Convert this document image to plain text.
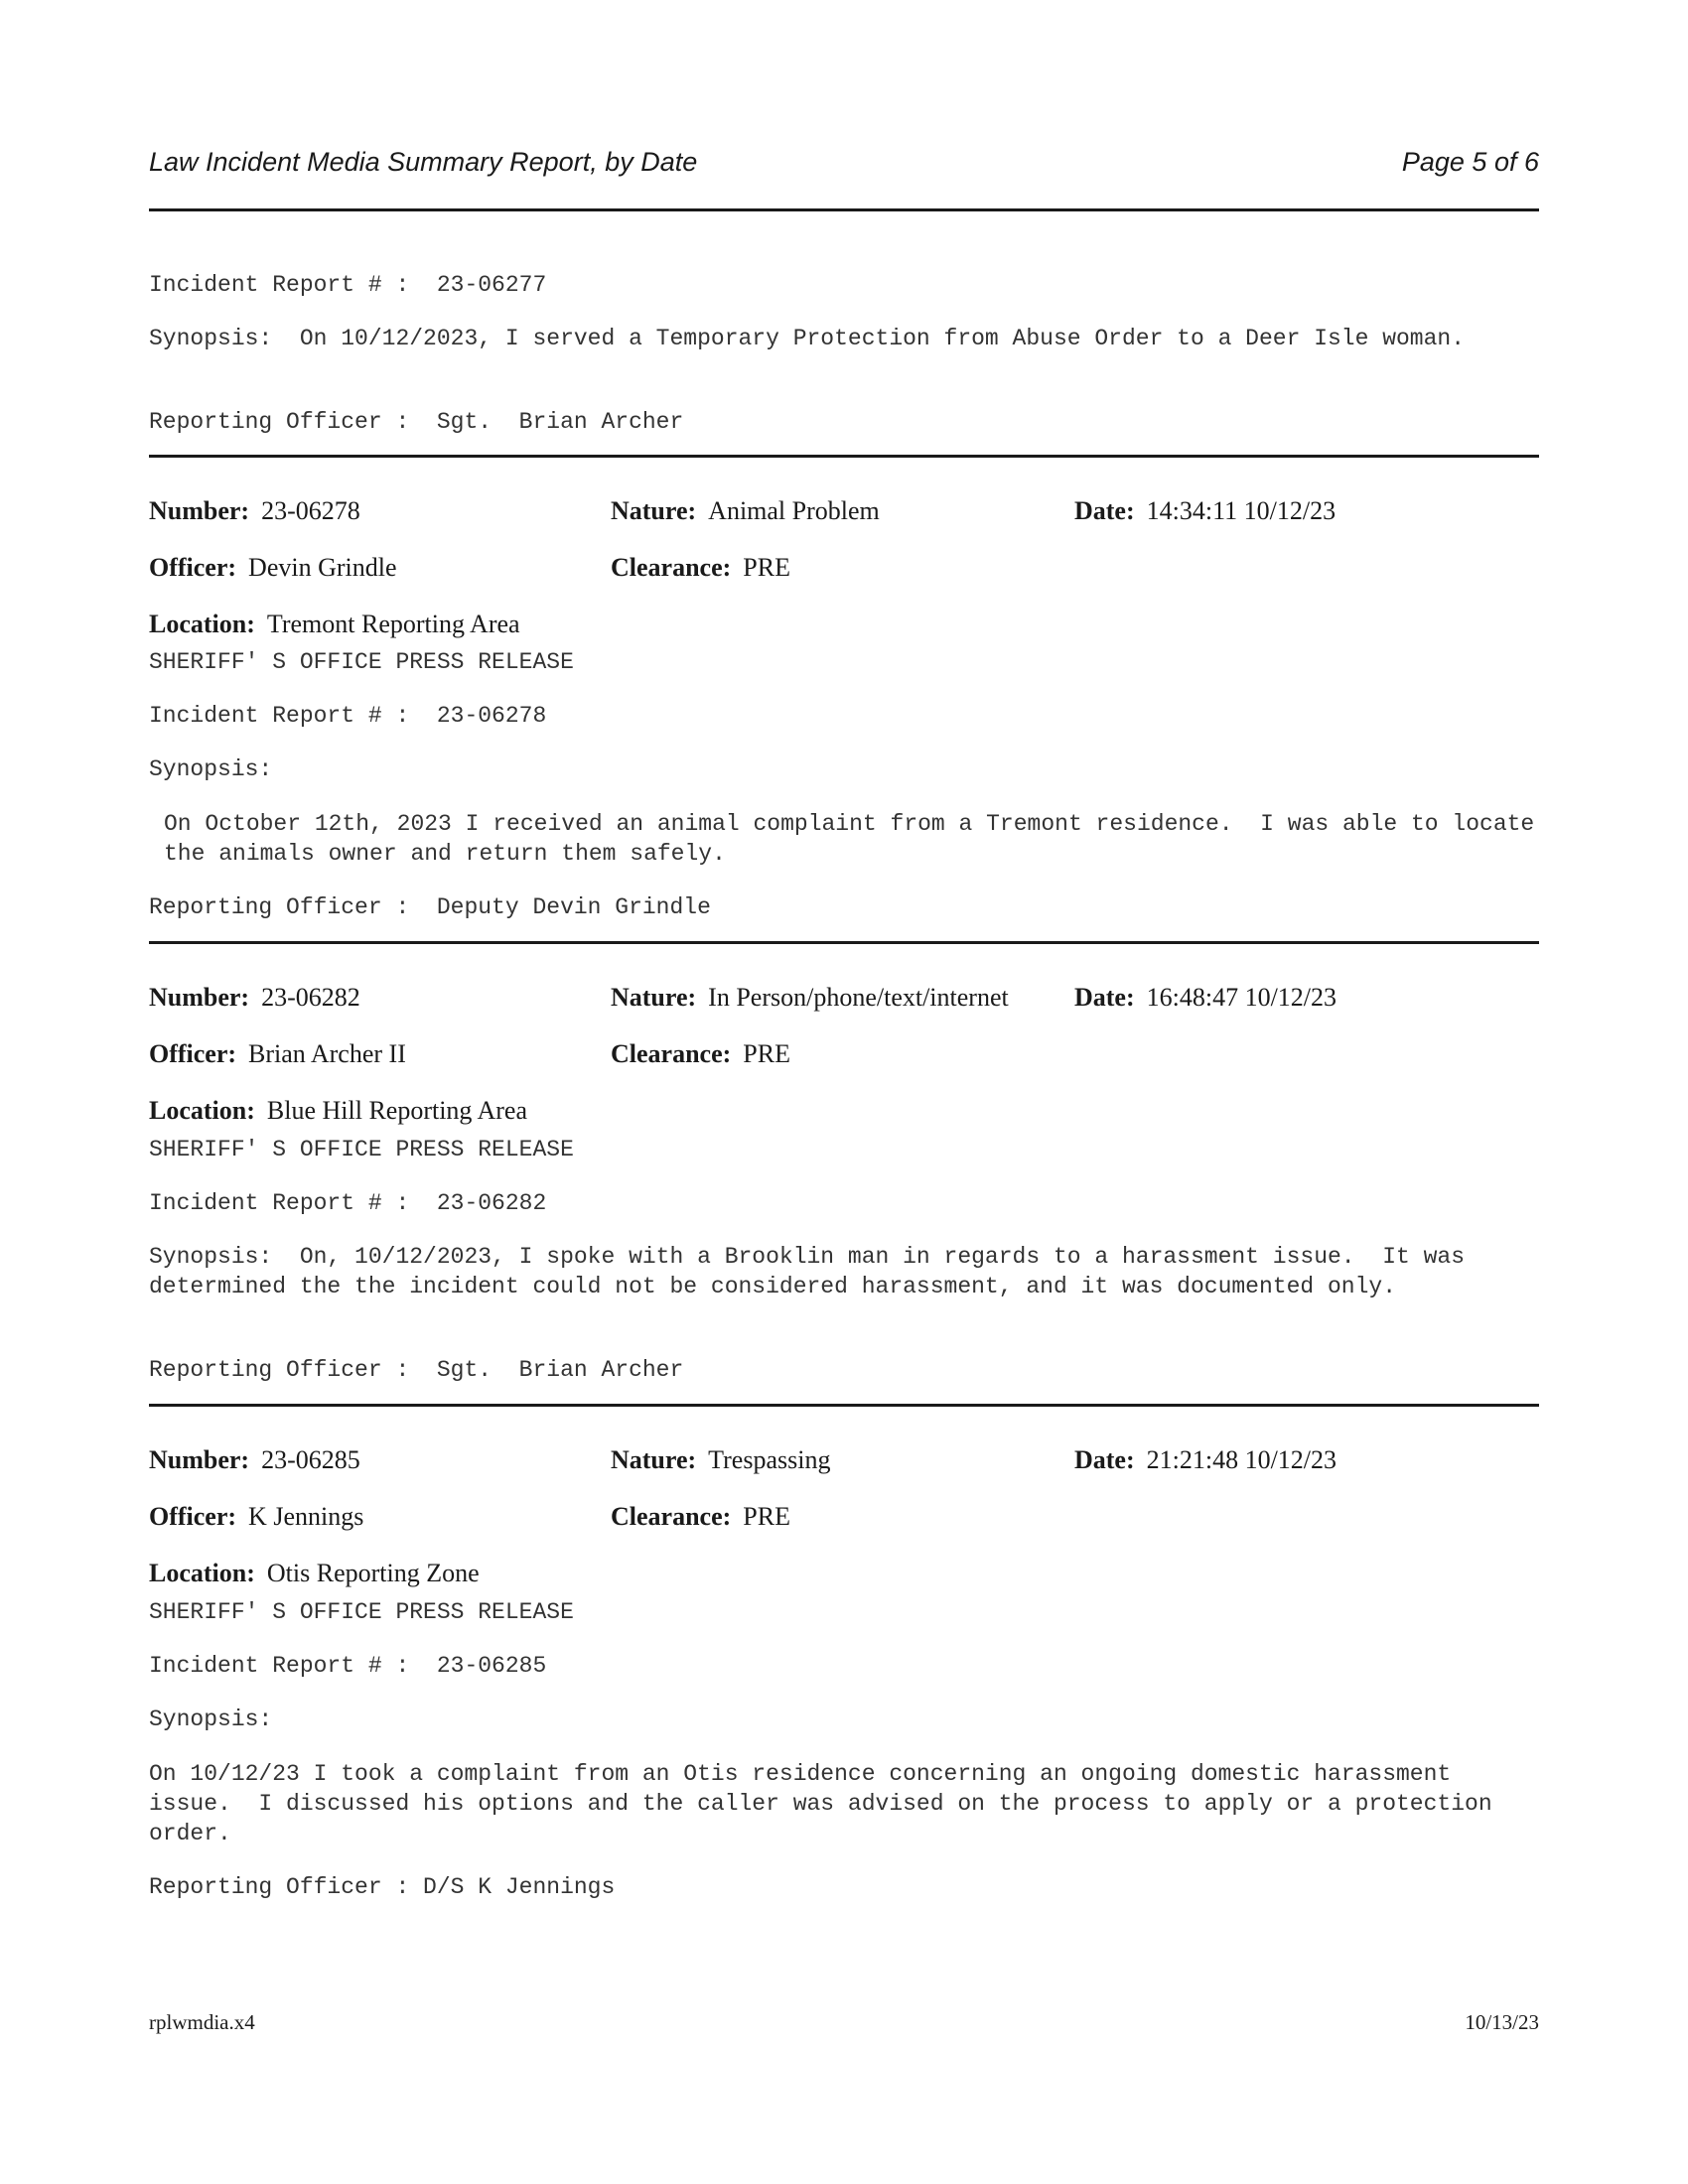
Law Incident Media Summary Report, by Date	Page 5 of 6
Incident Report # :  23-06277
Synopsis:  On 10/12/2023, I served a Temporary Protection from Abuse Order to a Deer Isle woman.
Reporting Officer :  Sgt.  Brian Archer
Number: 23-06278	Nature: Animal Problem	Date: 14:34:11 10/12/23
Officer: Devin Grindle	Clearance: PRE
Location: Tremont Reporting Area
SHERIFF' S OFFICE PRESS RELEASE
Incident Report # :  23-06278
Synopsis:
On October 12th, 2023 I received an animal complaint from a Tremont residence.  I was able to locate the animals owner and return them safely.
Reporting Officer :  Deputy Devin Grindle
Number: 23-06282	Nature: In Person/phone/text/internet	Date: 16:48:47 10/12/23
Officer: Brian Archer II	Clearance: PRE
Location: Blue Hill Reporting Area
SHERIFF' S OFFICE PRESS RELEASE
Incident Report # :  23-06282
Synopsis:  On, 10/12/2023, I spoke with a Brooklin man in regards to a harassment issue.  It was determined the the incident could not be considered harassment, and it was documented only.
Reporting Officer :  Sgt.  Brian Archer
Number: 23-06285	Nature: Trespassing	Date: 21:21:48 10/12/23
Officer: K Jennings	Clearance: PRE
Location: Otis Reporting Zone
SHERIFF' S OFFICE PRESS RELEASE
Incident Report # :  23-06285
Synopsis:
On 10/12/23 I took a complaint from an Otis residence concerning an ongoing domestic harassment issue.  I discussed his options and the caller was advised on the process to apply or a protection order.
Reporting Officer : D/S K Jennings
rplwmdia.x4	10/13/23
